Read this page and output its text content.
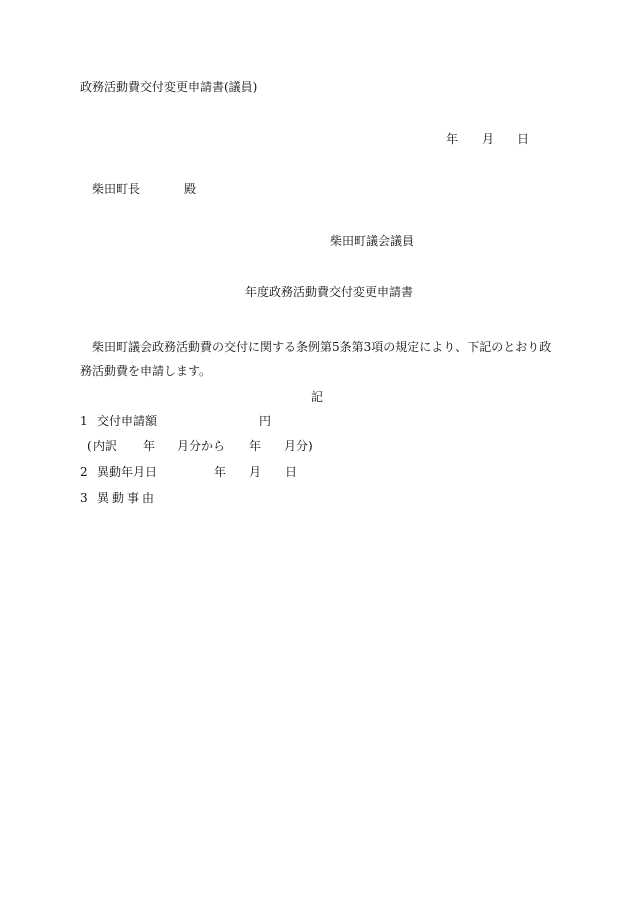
政務活動費交付変更申請書(議員)
年 月 日
柴田町長	殿
柴田町議会議員
年度政務活動費交付変更申請書
柴田町議会政務活動費の交付に関する条例第5条第3項の規定により、下記のとおり政務活動費を申請します。
記
1 交付申請額	円
( 内訳 年 月分から 年 月分)
2 異動年月日	年 月 日
3 異動事由
